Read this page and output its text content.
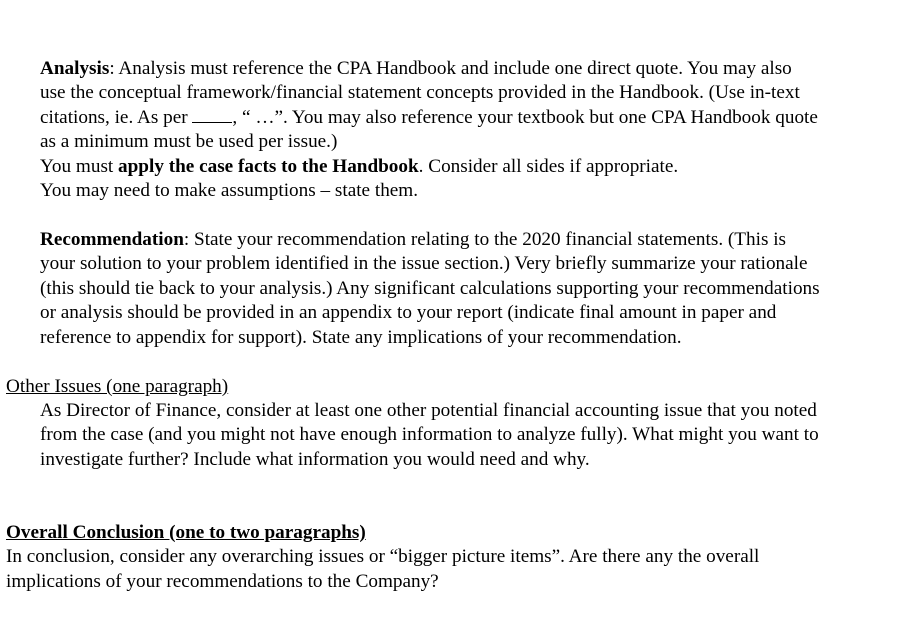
Analysis: Analysis must reference the CPA Handbook and include one direct quote. You may also
use the conceptual framework/financial statement concepts provided in the Handbook. (Use in-text
citations, ie. As per , “ …”. You may also reference your textbook but one CPA Handbook quote
as a minimum must be used per issue.)
You must apply the case facts to the Handbook. Consider all sides if appropriate.
You may need to make assumptions – state them.
Recommendation: State your recommendation relating to the 2020 financial statements. (This is
your solution to your problem identified in the issue section.) Very briefly summarize your rationale
(this should tie back to your analysis.) Any significant calculations supporting your recommendations
or analysis should be provided in an appendix to your report (indicate final amount in paper and
reference to appendix for support). State any implications of your recommendation.
Other Issues (one paragraph)
As Director of Finance, consider at least one other potential financial accounting issue that you noted
from the case (and you might not have enough information to analyze fully). What might you want to
investigate further? Include what information you would need and why.
Overall Conclusion (one to two paragraphs)
In conclusion, consider any overarching issues or “bigger picture items”. Are there any the overall
implications of your recommendations to the Company?
